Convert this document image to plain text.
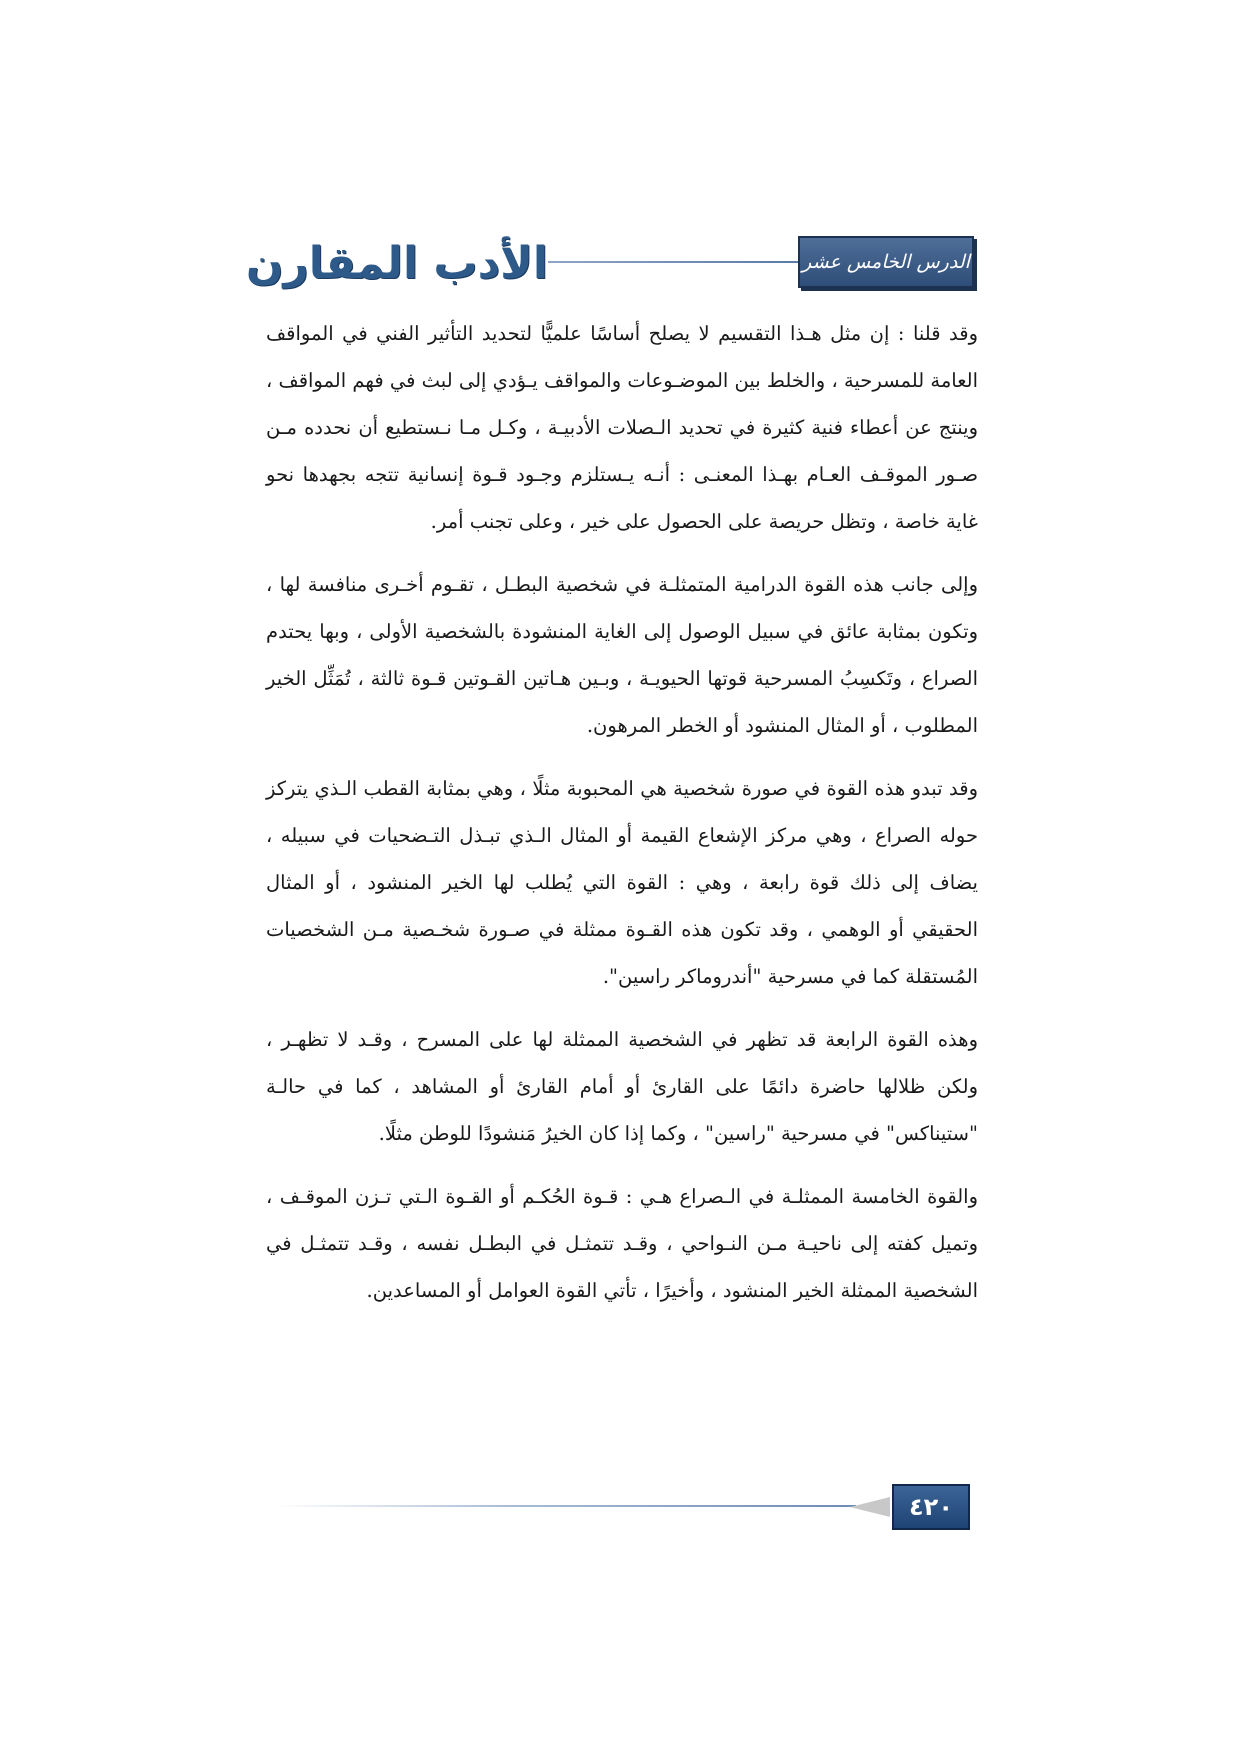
الدرس الخامس عشر
الأدب المقارن

وقد قلنا : إن مثل هـذا التقسيم لا يصلح أساسًا علميًّا لتحديد التأثير الفني في المواقف العامة للمسرحية ، والخلط بين الموضـوعات والمواقف يـؤدي إلى لبث في فهم المواقف ، وينتج عن أعطاء فنية كثيرة في تحديد الـصلات الأدبيـة ، وكـل مـا نـستطيع أن نحدده مـن صـور الموقـف العـام بهـذا المعنـى : أنـه يـستلزم وجـود قـوة إنسانية تتجه بجهدها نحو غاية خاصة ، وتظل حريصة على الحصول على خير ، وعلى تجنب أمر.

وإلى جانب هذه القوة الدرامية المتمثلـة في شخصية البطـل ، تقـوم أخـرى منافسة لها ، وتكون بمثابة عائق في سبيل الوصول إلى الغاية المنشودة بالشخصية الأولى ، وبها يحتدم الصراع ، وتَكسِبُ المسرحية قوتها الحيويـة ، وبـين هـاتين القـوتين قـوة ثالثة ، تُمَثِّل الخير المطلوب ، أو المثال المنشود أو الخطر المرهون.

وقد تبدو هذه القوة في صورة شخصية هي المحبوبة مثلًا ، وهي بمثابة القطب الـذي يتركز حوله الصراع ، وهي مركز الإشعاع القيمة أو المثال الـذي تبـذل التـضحيات في سبيله ، يضاف إلى ذلك قوة رابعة ، وهي : القوة التي يُطلب لها الخير المنشود ، أو المثال الحقيقي أو الوهمي ، وقد تكون هذه القـوة ممثلة في صـورة شخـصية مـن الشخصيات المُستقلة كما في مسرحية "أندروماكر راسين".

وهذه القوة الرابعة قد تظهر في الشخصية الممثلة لها على المسرح ، وقـد لا تظهـر ، ولكن ظلالها حاضرة دائمًا على القارئ أو أمام القارئ أو المشاهد ، كما في حالـة "ستيناكس" في مسرحية "راسين" ، وكما إذا كان الخيرُ مَنشودًا للوطن مثلًا.

والقوة الخامسة الممثلـة في الـصراع هـي : قـوة الحُكـم أو القـوة الـتي تـزن الموقـف ، وتميل كفته إلى ناحيـة مـن النـواحي ، وقـد تتمثـل في البطـل نفسه ، وقـد تتمثـل في الشخصية الممثلة الخير المنشود ، وأخيرًا ، تأتي القوة العوامل أو المساعدين.

٤٢٠
